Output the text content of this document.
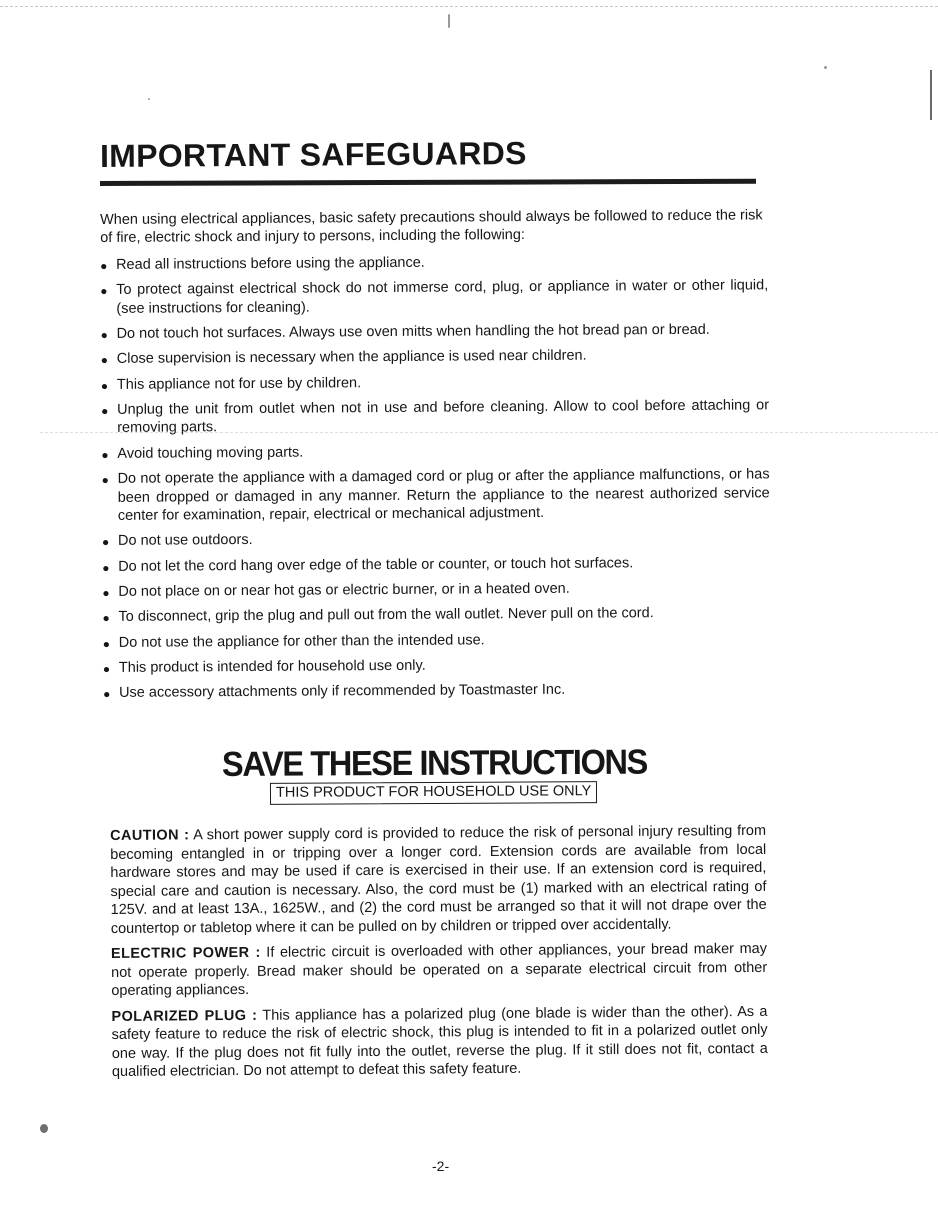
IMPORTANT SAFEGUARDS

When using electrical appliances, basic safety precautions should always be followed to reduce the risk of fire, electric shock and injury to persons, including the following:

● Read all instructions before using the appliance.
● To protect against electrical shock do not immerse cord, plug, or appliance in water or other liquid, (see instructions for cleaning).
● Do not touch hot surfaces. Always use oven mitts when handling the hot bread pan or bread.
● Close supervision is necessary when the appliance is used near children.
● This appliance not for use by children.
● Unplug the unit from outlet when not in use and before cleaning. Allow to cool before attaching or removing parts.
● Avoid touching moving parts.
● Do not operate the appliance with a damaged cord or plug or after the appliance malfunctions, or has been dropped or damaged in any manner. Return the appliance to the nearest authorized service center for examination, repair, electrical or mechanical adjustment.
● Do not use outdoors.
● Do not let the cord hang over edge of the table or counter, or touch hot surfaces.
● Do not place on or near hot gas or electric burner, or in a heated oven.
● To disconnect, grip the plug and pull out from the wall outlet. Never pull on the cord.
● Do not use the appliance for other than the intended use.
● This product is intended for household use only.
● Use accessory attachments only if recommended by Toastmaster Inc.
SAVE THESE INSTRUCTIONS
THIS PRODUCT FOR HOUSEHOLD USE ONLY

CAUTION : A short power supply cord is provided to reduce the risk of personal injury resulting from becoming entangled in or tripping over a longer cord. Extension cords are available from local hardware stores and may be used if care is exercised in their use. If an extension cord is required, special care and caution is necessary. Also, the cord must be (1) marked with an electrical rating of 125V. and at least 13A., 1625W., and (2) the cord must be arranged so that it will not drape over the countertop or tabletop where it can be pulled on by children or tripped over accidentally.

ELECTRIC POWER : If electric circuit is overloaded with other appliances, your bread maker may not operate properly. Bread maker should be operated on a separate electrical circuit from other operating appliances.

POLARIZED PLUG : This appliance has a polarized plug (one blade is wider than the other). As a safety feature to reduce the risk of electric shock, this plug is intended to fit in a polarized outlet only one way. If the plug does not fit fully into the outlet, reverse the plug. If it still does not fit, contact a qualified electrician. Do not attempt to defeat this safety feature.

-2-
